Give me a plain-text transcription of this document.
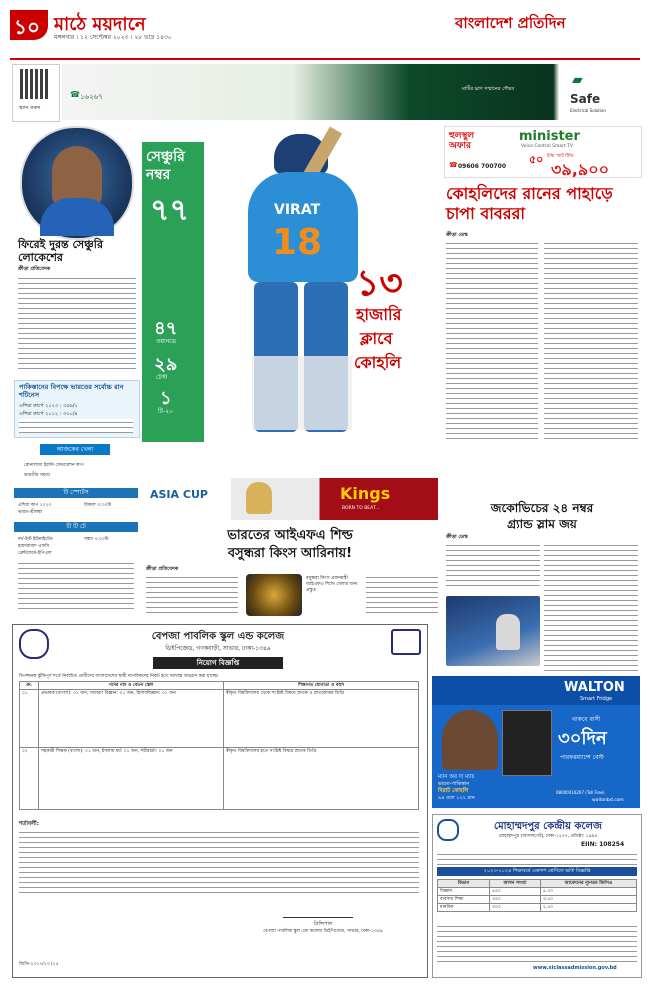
১০ মাঠে ময়দানে
মঙ্গলবার । ১২ সেপ্টেম্বর ২০২৩ । ২৮ ভাদ্র ১৪৩০
বাংলাদেশ প্রতিদিন
স্ক্যান করুন
☎ ১৬২৬৭
মাটির ঘ্রাণ সম্মানের গৌরব
▰
Safe
Electrical Solution
ফিরেই দুরন্ত সেঞ্চুরি লোকেশের
ক্রীড়া প্রতিবেদক
পাকিস্তানের বিপক্ষে ভারতের সর্বোচ্চ রান শটিনেস
এশিয়া কাপে ২০২৩ : ৩৫৬/২
এশিয়া কাপে ২০১২ : ৩৩০/৪
আজকের খেলা
রোনালদো ইরানি ফেডারেশন কাপ
ভারতীয় সময়ে
টি স্পোর্টস
এশিয়া কাপ ২০২৩
ভারত-শ্রীলঙ্কা
বিকাল ৩:৩০মি
টি টি টে
নর্থ-ইস্ট ইউনাইটেড
হায়দরাবাদ এফসি
ব্রেন্টফোর্ড-ইপিএল
সন্ধ্যা ৭:০০মি
সেঞ্চুরি নম্বর
৭৭
৪৭
ওয়ানডে
২৯
টেস্ট
১
টি-২০
VIRAT
18
১৩
হাজারি
ক্লাবে
কোহলি
হুলস্থুল অফার
minister
Voice Control Smart TV
☎ 09606 700700
৫০ ইঞ্চি স্মার্ট টিভি
৩৯,৯০০
কোহলিদের রানের পাহাড়ে চাপা বাবররা
ক্রীড়া ডেস্ক
ASIA CUP	Kings
BORN TO BEAT...
ভারতের আইএফএ শিল্ড
বসুন্ধরা কিংস আরিনায়!
ক্রীড়া প্রতিবেদক
বসুন্ধরা কিংস প্রধানমন্ত্রী আইএফএ শিল্ডে খেলার জন্য প্রস্তুত
জকোভিচের ২৪ নম্বর
গ্র্যান্ড স্লাম জয়
ক্রীড়া ডেস্ক
বেপজা পাবলিক স্কুল এন্ড কলেজ
ডিইপিজেড, গণকবাড়ী, সাভার, ঢাকা-১৩৪৯
নিয়োগ বিজ্ঞপ্তি
বিপজ্জনক ঝুঁকিপূর্ণ শর্তে নির্বাচিত প্রার্থীদের বাংলাদেশের স্থায়ী নাগরিকদের নিকট হতে দরখাস্ত আহ্বান করা যাচ্ছে।
ক্র:	পদের নাম ও বেতন স্কেল	শিক্ষাগত যোগ্যতা ও বয়স
০১	প্রভাষক (বাংলা): ০১ জন, সাধারণ বিজ্ঞান: ০১ জন, হিসাববিজ্ঞান: ০১ জন	স্বীকৃত বিশ্ববিদ্যালয় থেকে সংশ্লিষ্ট বিষয়ে স্নাতক ও স্নাতকোত্তর ডিগ্রি
০২	সহকারী শিক্ষক (বাংলা): ০১ জন, ইসলাম ধর্ম: ০১ জন, শরীরচর্চা: ০১ জন	স্বীকৃত বিশ্ববিদ্যালয় হতে সংশ্লিষ্ট বিষয়ে স্নাতক ডিগ্রি
শর্তাবলী:
প্রিন্সিপাল
বেপজা পাবলিক স্কুল এন্ড কলেজ ডিইপিজেড, সাভার, ঢাকা-১৩৪৯
জিডি-২৩১৭/২৩ (২৫
WALTON
Smart Fridge
ম্যান অব দ্য ম্যাচ
ভারত-পাকিস্তান
বিরাট কোহলি
৯৪ বলে ১২২ রান
থাকবে বাসী
৩০দিন
পারফরম্যান্সে বেস্ট
08000016267 (Toll Free)
waltonbd.com
মোহাম্মদপুর কেন্দ্রীয় কলেজ
মোহাম্মদপুর (আসাদগেট), ঢাকা-১২০৭, প্রতিষ্ঠা: ১৯৯৪
EIIN: 108254
২০২৩-২০২৪ শিক্ষাবর্ষে একাদশ শ্রেণিতে ভর্তি বিজ্ঞপ্তি
বিভাগ	আসন সংখ্যা	আবেদনের ন্যূনতম জিপিএ
বিজ্ঞান	৫৫০	৫.০০
ব্যবসায় শিক্ষা	৩৫০	৩.৫০
মানবিক	৩০০	২.৫০
www.xiclassadmission.gov.bd
